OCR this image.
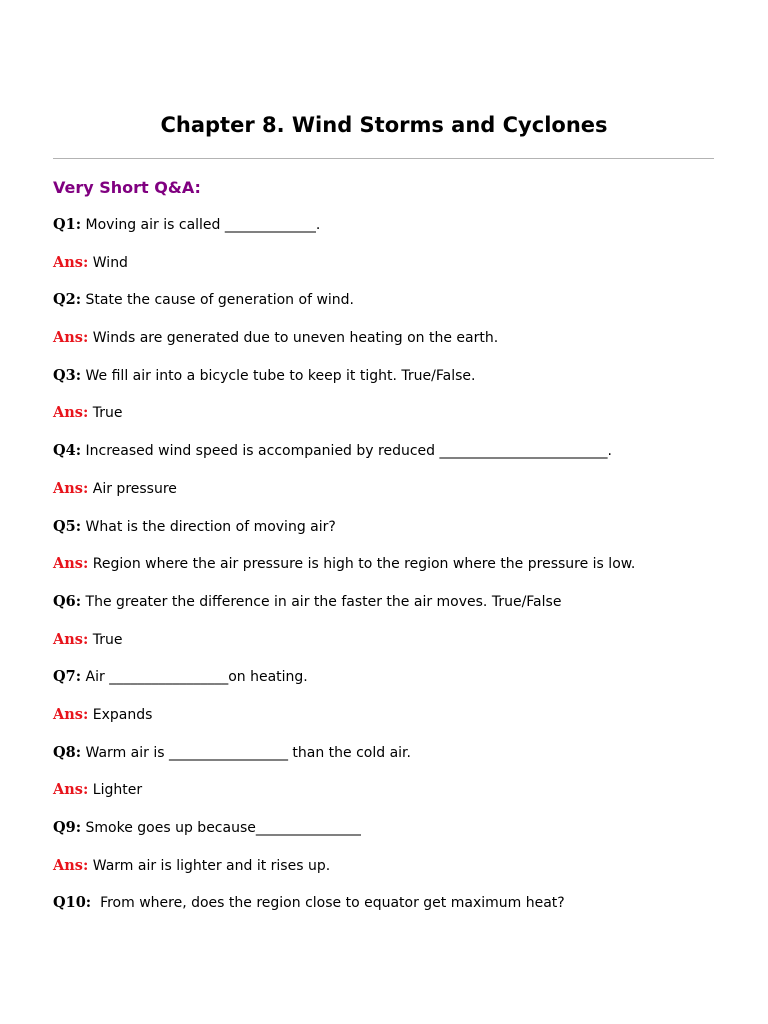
Chapter 8. Wind Storms and Cyclones
Very Short Q&A:
Q1: Moving air is called _____________.
Ans: Wind
Q2: State the cause of generation of wind.
Ans: Winds are generated due to uneven heating on the earth.
Q3: We fill air into a bicycle tube to keep it tight. True/False.
Ans: True
Q4: Increased wind speed is accompanied by reduced ________________________.
Ans: Air pressure
Q5: What is the direction of moving air?
Ans: Region where the air pressure is high to the region where the pressure is low.
Q6: The greater the difference in air the faster the air moves. True/False
Ans: True
Q7: Air _________________on heating.
Ans: Expands
Q8: Warm air is _________________ than the cold air.
Ans: Lighter
Q9: Smoke goes up because_______________
Ans: Warm air is lighter and it rises up.
Q10:  From where, does the region close to equator get maximum heat?
